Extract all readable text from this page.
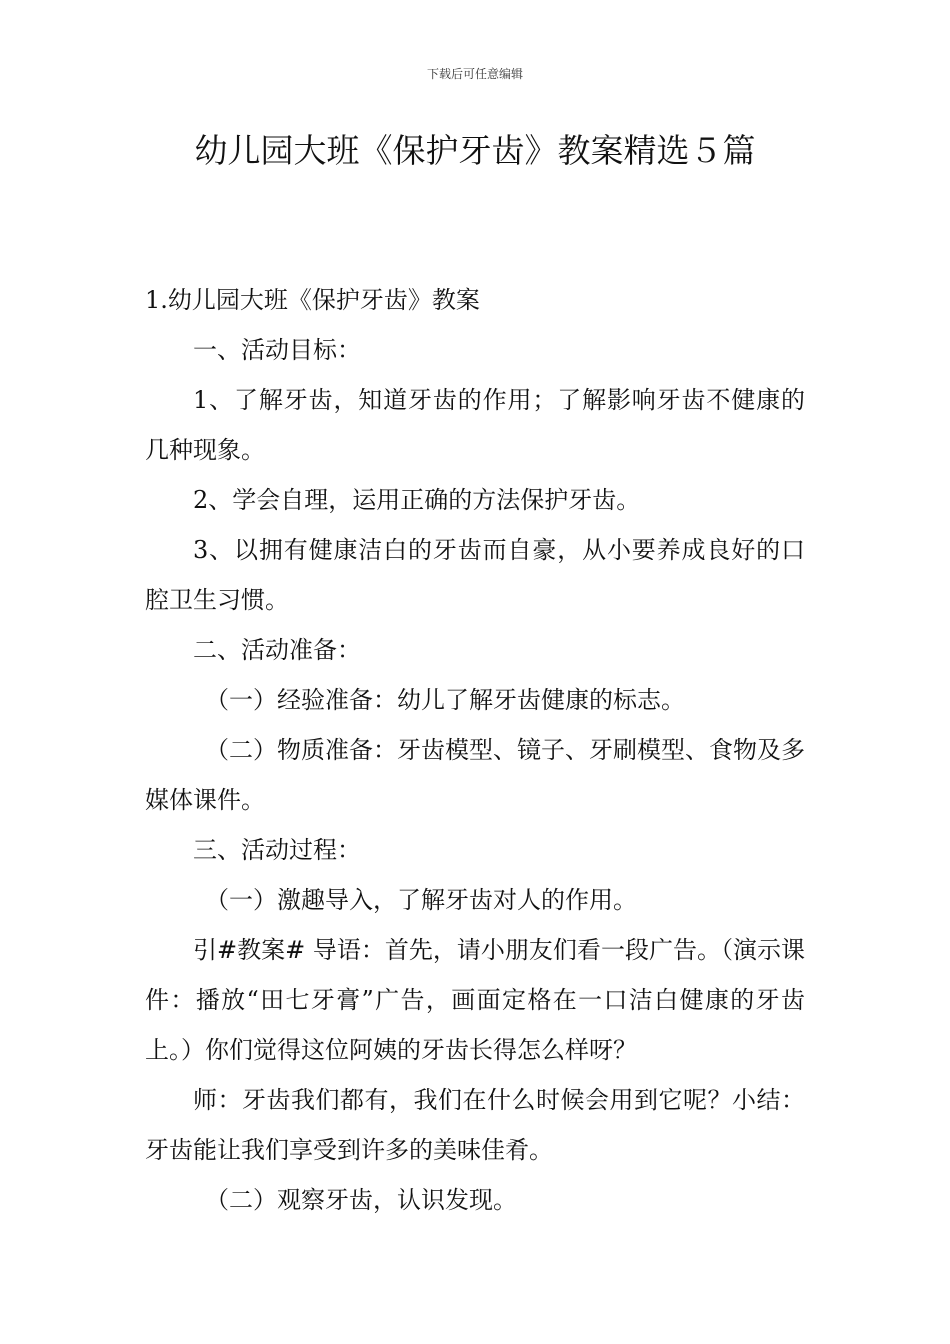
下载后可任意编辑
幼儿园大班《保护牙齿》教案精选５篇

1.幼儿园大班《保护牙齿》教案

一、活动目标：

1、了解牙齿，知道牙齿的作用；了解影响牙齿不健康的几种现象。

2、学会自理，运用正确的方法保护牙齿。

3、以拥有健康洁白的牙齿而自豪，从小要养成良好的口腔卫生习惯。

二、活动准备：

（一）经验准备：幼儿了解牙齿健康的标志。

（二）物质准备：牙齿模型、镜子、牙刷模型、食物及多媒体课件。

三、活动过程：

（一）激趣导入，了解牙齿对人的作用。

引#教案# 导语：首先，请小朋友们看一段广告。（演示课件：播放“田七牙膏”广告，画面定格在一口洁白健康的牙齿上。）你们觉得这位阿姨的牙齿长得怎么样呀？

师：牙齿我们都有，我们在什么时候会用到它呢？小结：牙齿能让我们享受到许多的美味佳肴。

（二）观察牙齿，认识发现。
